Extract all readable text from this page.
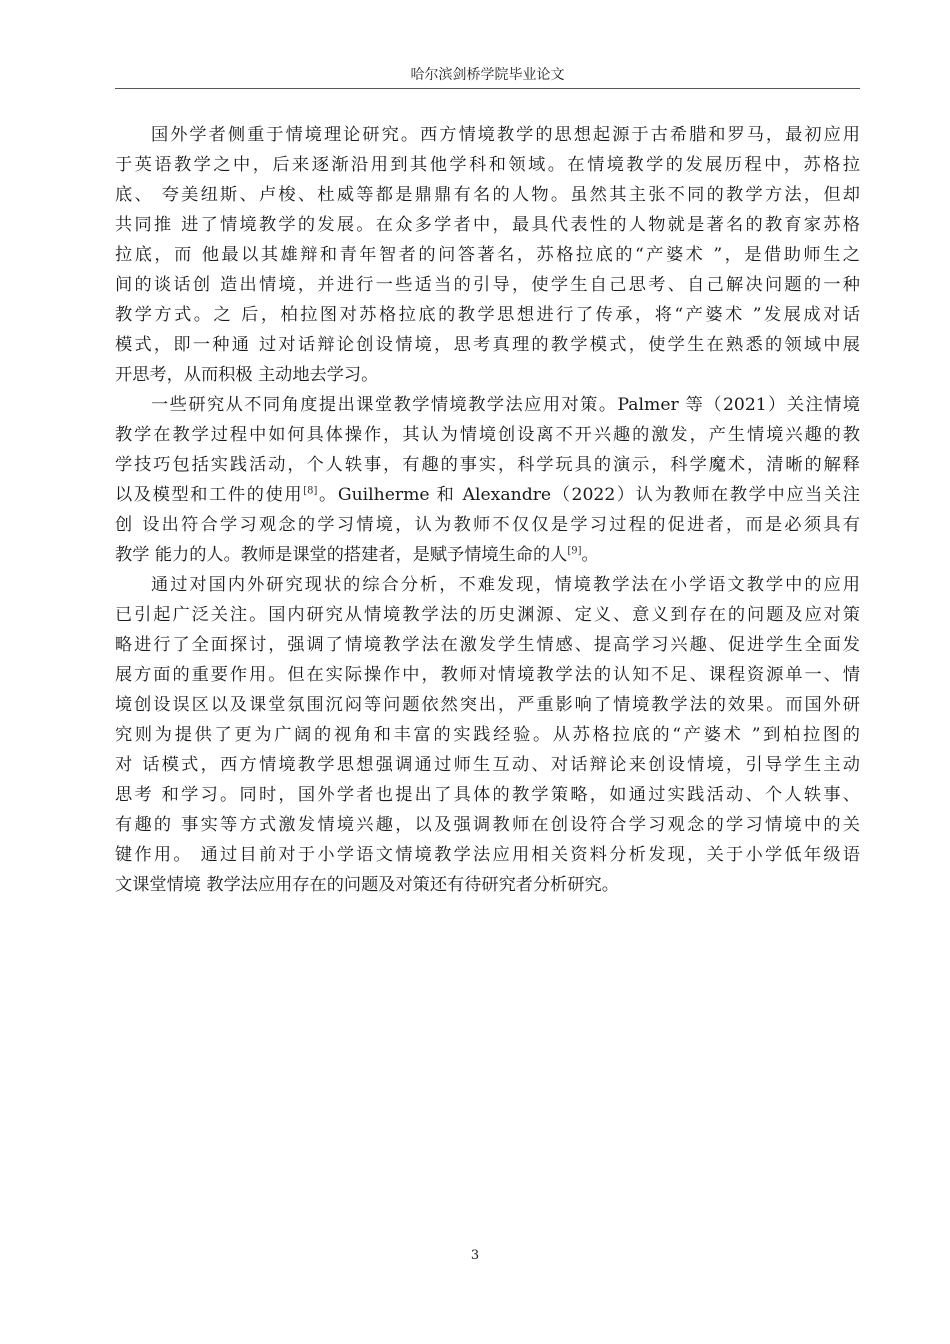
哈尔滨剑桥学院毕业论文
国外学者侧重于情境理论研究。西方情境教学的思想起源于古希腊和罗马，最初应用
于英语教学之中，后来逐渐沿用到其他学科和领域。在情境教学的发展历程中，苏格拉
底、 夸美纽斯、卢梭、杜威等都是鼎鼎有名的人物。虽然其主张不同的教学方法，但却
共同推 进了情境教学的发展。在众多学者中，最具代表性的人物就是著名的教育家苏格
拉底，而 他最以其雄辩和青年智者的问答著名，苏格拉底的“产婆术 ”，是借助师生之
间的谈话创 造出情境，并进行一些适当的引导，使学生自己思考、自己解决问题的一种
教学方式。之 后，柏拉图对苏格拉底的教学思想进行了传承，将“产婆术 ”发展成对话
模式，即一种通 过对话辩论创设情境，思考真理的教学模式，使学生在熟悉的领域中展
开思考，从而积极 主动地去学习。
一些研究从不同角度提出课堂教学情境教学法应用对策。Palmer 等（2021）关注情境
教学在教学过程中如何具体操作，其认为情境创设离不开兴趣的激发，产生情境兴趣的教
学技巧包括实践活动，个人轶事，有趣的事实，科学玩具的演示，科学魔术，清晰的解释
以及模型和工件的使用[8]。Guilherme 和 Alexandre（2022）认为教师在教学中应当关注
创 设出符合学习观念的学习情境，认为教师不仅仅是学习过程的促进者，而是必须具有
教学 能力的人。教师是课堂的搭建者，是赋予情境生命的人[9]。
通过对国内外研究现状的综合分析，不难发现，情境教学法在小学语文教学中的应用
已引起广泛关注。国内研究从情境教学法的历史渊源、定义、意义到存在的问题及应对策
略进行了全面探讨，强调了情境教学法在激发学生情感、提高学习兴趣、促进学生全面发
展方面的重要作用。但在实际操作中，教师对情境教学法的认知不足、课程资源单一、情
境创设误区以及课堂氛围沉闷等问题依然突出，严重影响了情境教学法的效果。而国外研
究则为提供了更为广阔的视角和丰富的实践经验。从苏格拉底的“产婆术 ”到柏拉图的
对 话模式，西方情境教学思想强调通过师生互动、对话辩论来创设情境，引导学生主动
思考 和学习。同时，国外学者也提出了具体的教学策略，如通过实践活动、个人轶事、
有趣的 事实等方式激发情境兴趣，以及强调教师在创设符合学习观念的学习情境中的关
键作用。 通过目前对于小学语文情境教学法应用相关资料分析发现，关于小学低年级语
文课堂情境 教学法应用存在的问题及对策还有待研究者分析研究。
3
